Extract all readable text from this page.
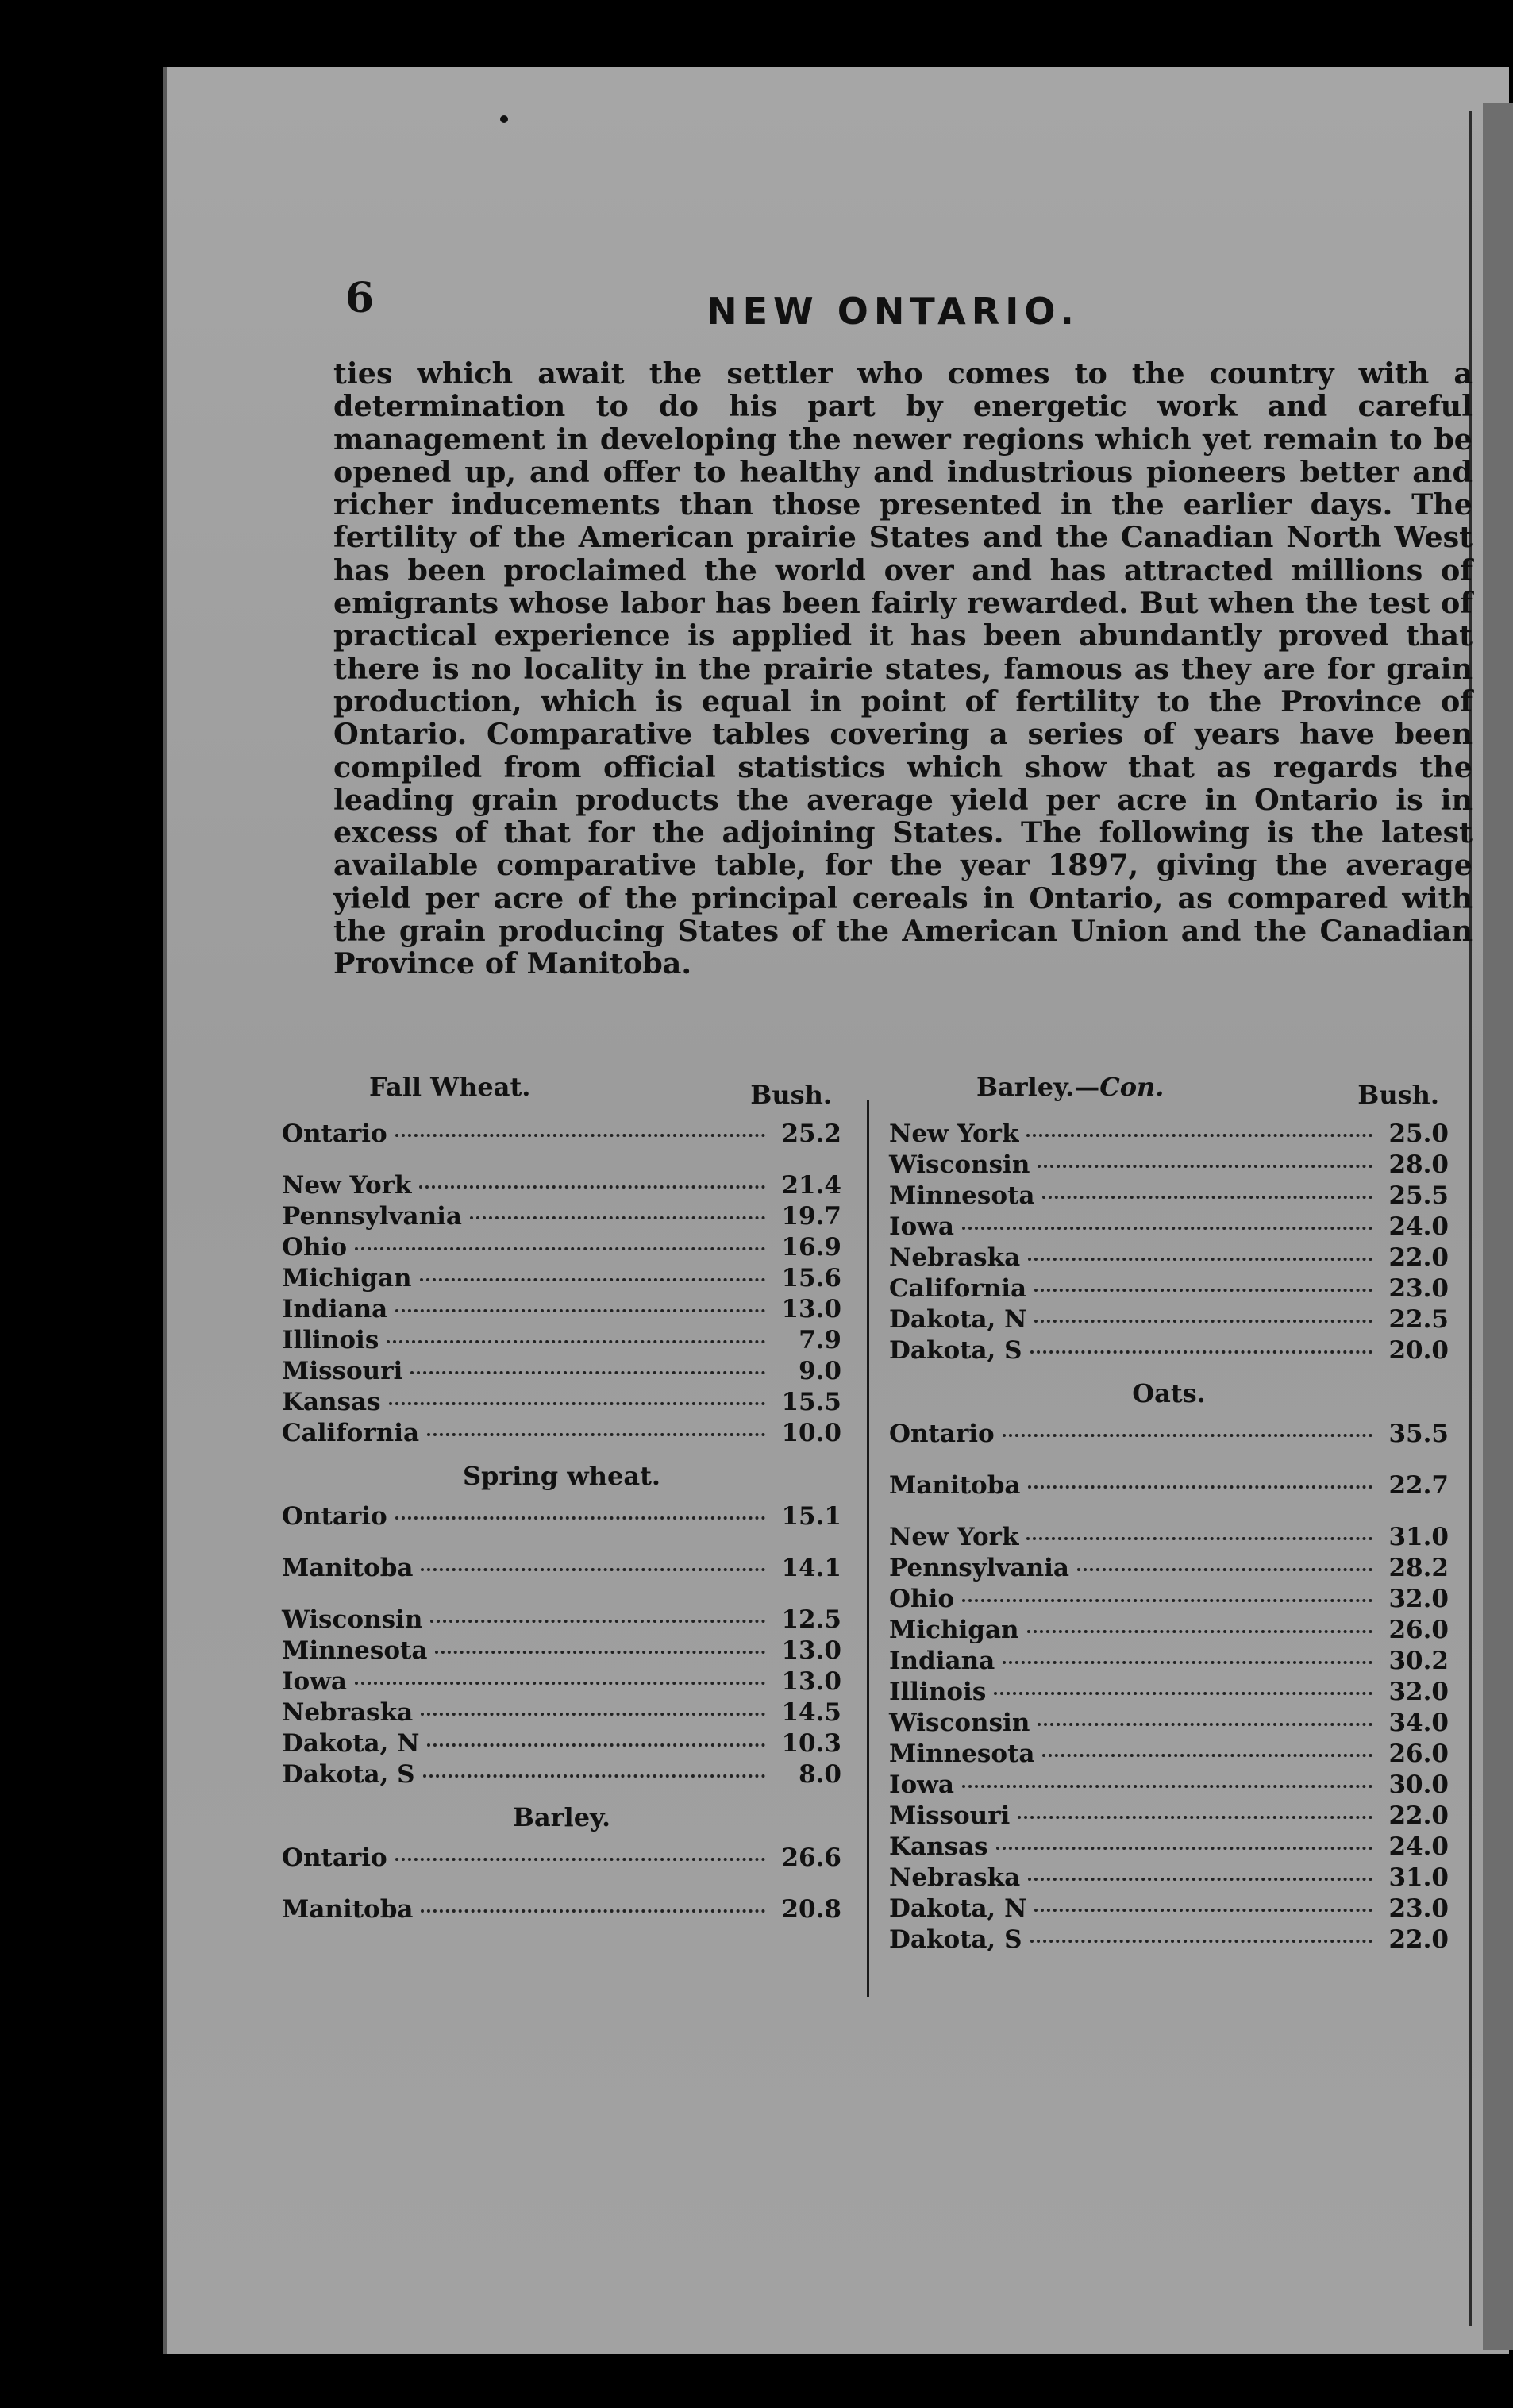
6	NEW ONTARIO.

ties which await the settler who comes to the country with a determination to do his part by energetic work and careful management in developing the newer regions which yet remain to be opened up, and offer to healthy and industrious pioneers better and richer inducements than those presented in the earlier days. The fertility of the American prairie States and the Canadian North West has been proclaimed the world over and has attracted millions of emigrants whose labor has been fairly rewarded. But when the test of practical experience is applied it has been abundantly proved that there is no locality in the prairie states, famous as they are for grain production, which is equal in point of fertility to the Province of Ontario. Comparative tables covering a series of years have been compiled from official statistics which show that as regards the leading grain products the average yield per acre in Ontario is in excess of that for the adjoining States. The following is the latest available comparative table, for the year 1897, giving the average yield per acre of the principal cereals in Ontario, as compared with the grain producing States of the American Union and the Canadian Province of Manitoba.

Fall Wheat.	Bush.
Ontario	25.2
New York	21.4
Pennsylvania	19.7
Ohio	16.9
Michigan	15.6
Indiana	13.0
Illinois	7.9
Missouri	9.0
Kansas	15.5
California	10.0
Spring wheat.
Ontario	15.1
Manitoba	14.1
Wisconsin	12.5
Minnesota	13.0
Iowa	13.0
Nebraska	14.5
Dakota, N	10.3
Dakota, S	8.0
Barley.
Ontario	26.6
Manitoba	20.8
Barley.—Con.	Bush.
New York	25.0
Wisconsin	28.0
Minnesota	25.5
Iowa	24.0
Nebraska	22.0
California	23.0
Dakota, N	22.5
Dakota, S	20.0
Oats.
Ontario	35.5
Manitoba	22.7
New York	31.0
Pennsylvania	28.2
Ohio	32.0
Michigan	26.0
Indiana	30.2
Illinois	32.0
Wisconsin	34.0
Minnesota	26.0
Iowa	30.0
Missouri	22.0
Kansas	24.0
Nebraska	31.0
Dakota, N	23.0
Dakota, S	22.0
